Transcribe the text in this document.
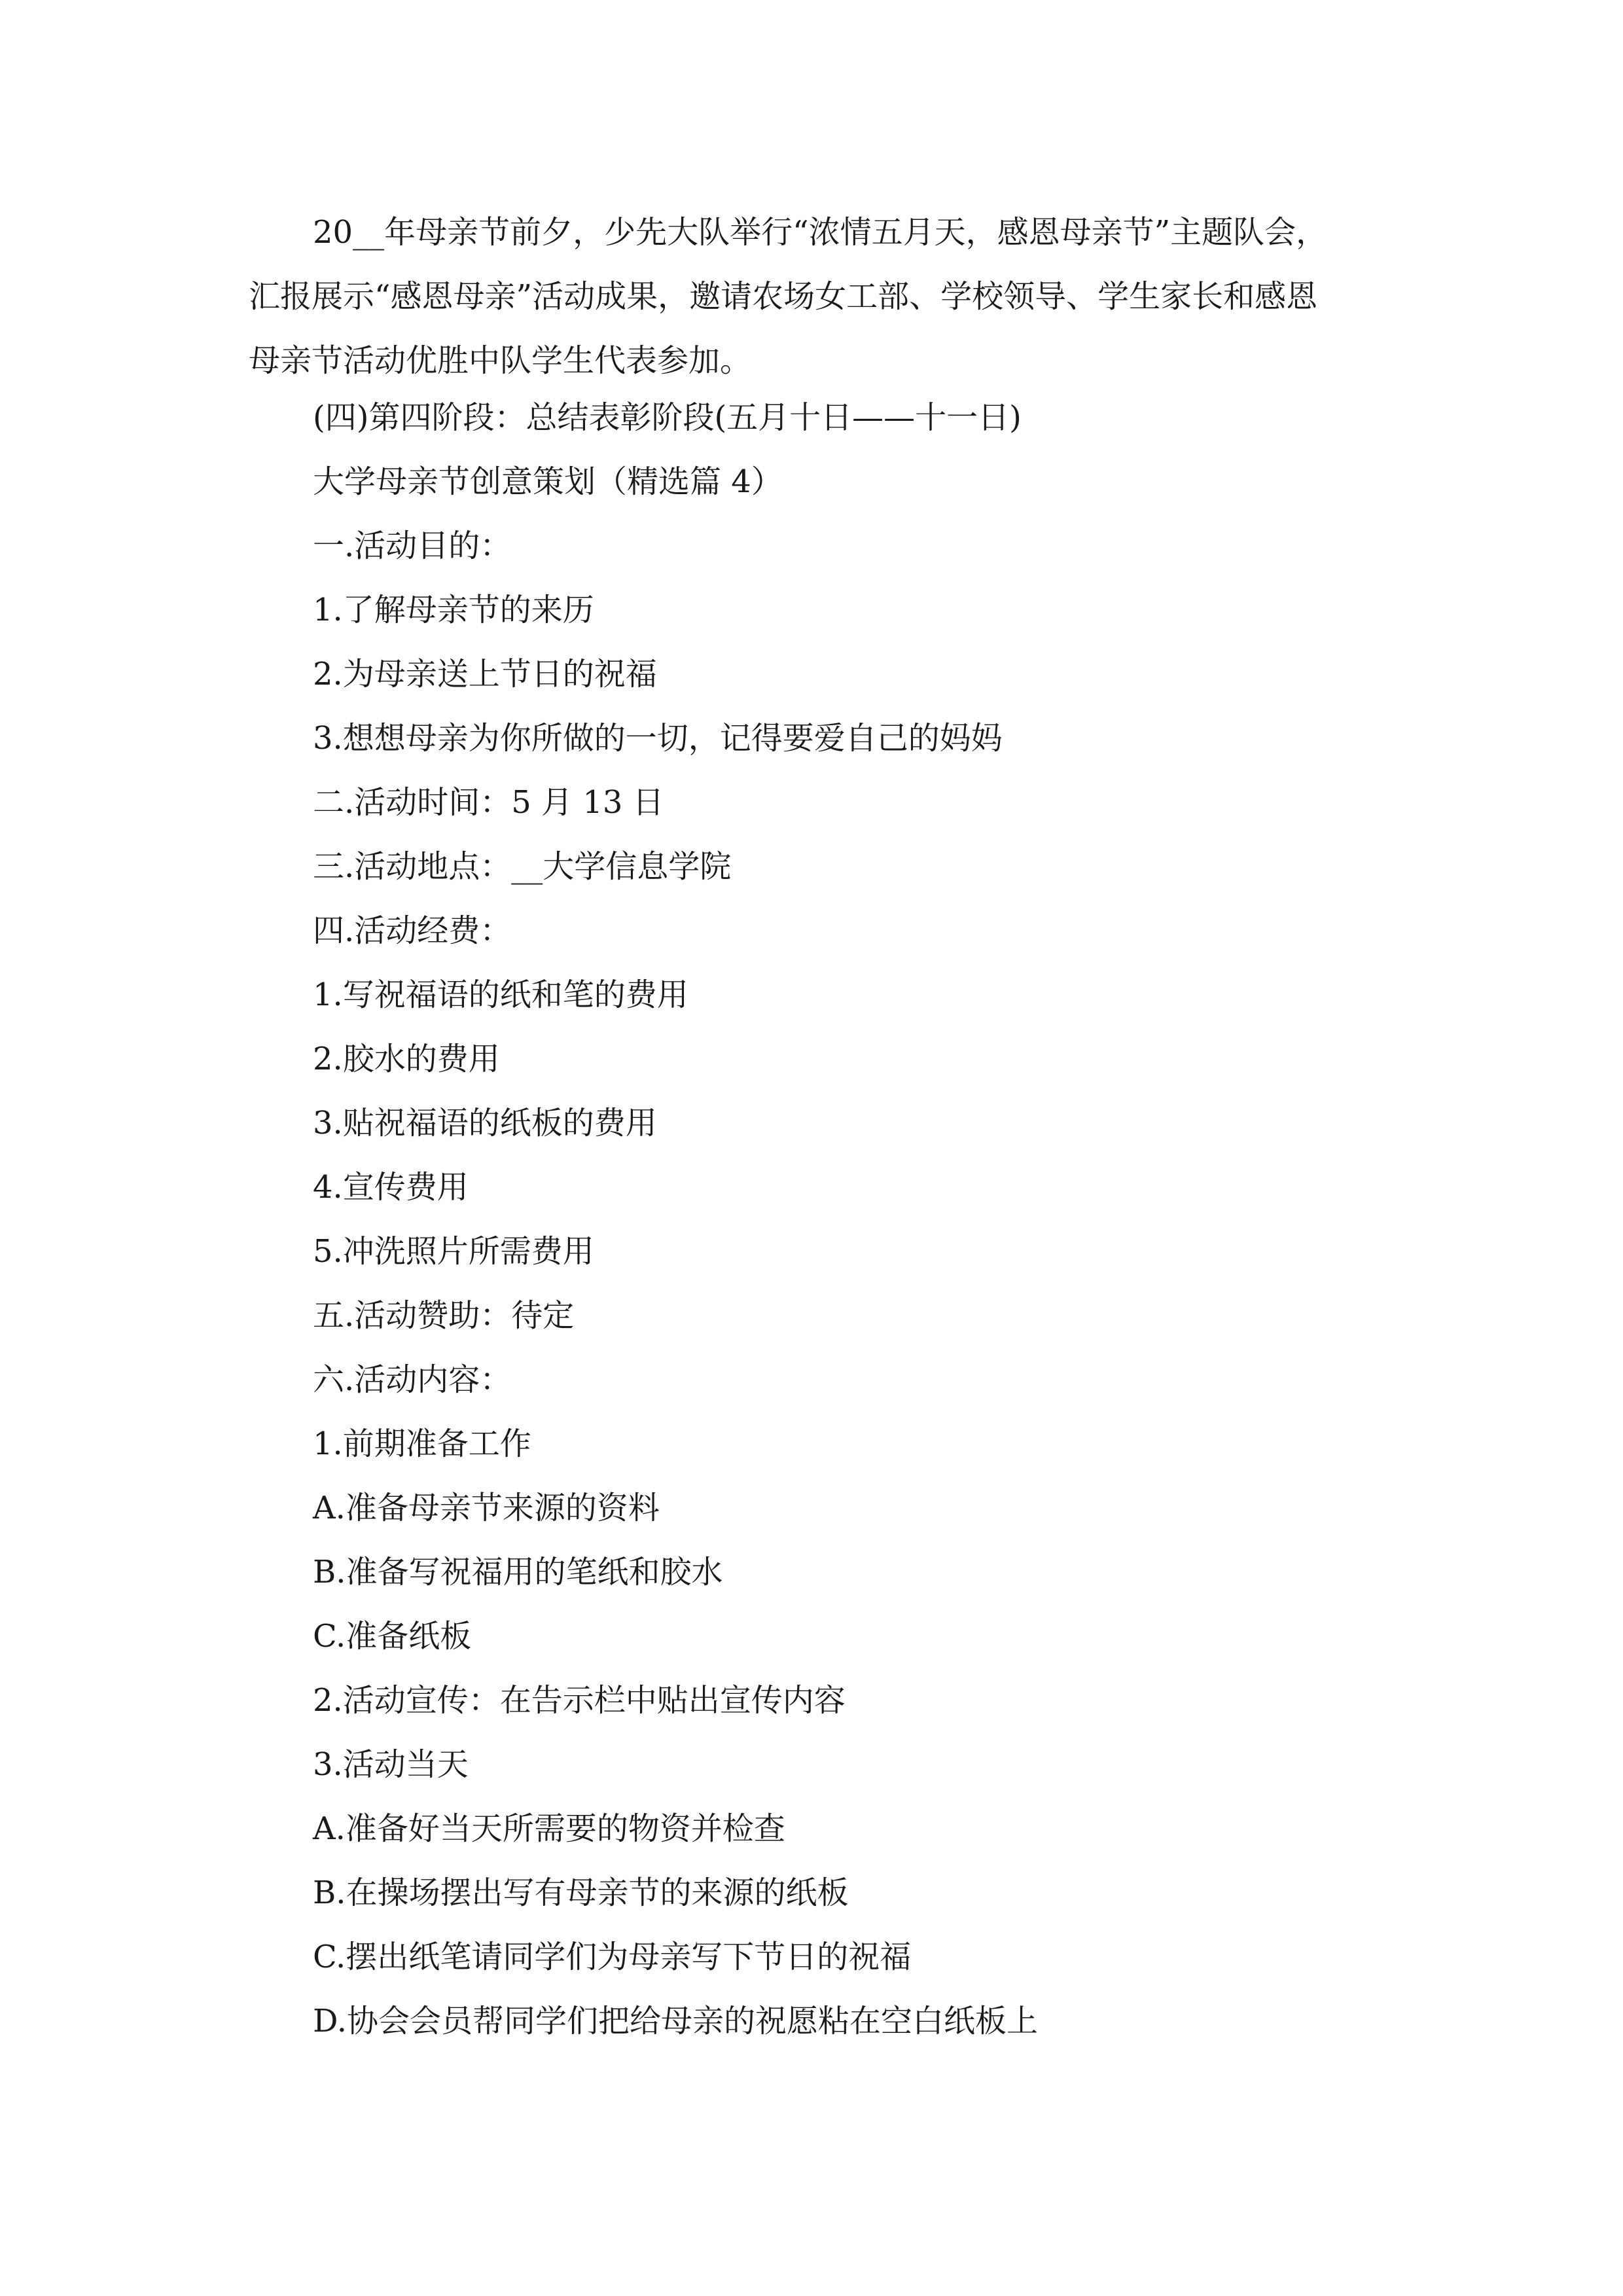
20__年母亲节前夕，少先大队举行“浓情五月天，感恩母亲节”主题队会，
汇报展示“感恩母亲”活动成果，邀请农场女工部、学校领导、学生家长和感恩
母亲节活动优胜中队学生代表参加。
(四)第四阶段：总结表彰阶段(五月十日——十一日)
大学母亲节创意策划（精选篇 4）
一.活动目的：
1.了解母亲节的来历
2.为母亲送上节日的祝福
3.想想母亲为你所做的一切，记得要爱自己的妈妈
二.活动时间：5 月 13 日
三.活动地点：__大学信息学院
四.活动经费：
1.写祝福语的纸和笔的费用
2.胶水的费用
3.贴祝福语的纸板的费用
4.宣传费用
5.冲洗照片所需费用
五.活动赞助：待定
六.活动内容：
1.前期准备工作
A.准备母亲节来源的资料
B.准备写祝福用的笔纸和胶水
C.准备纸板
2.活动宣传：在告示栏中贴出宣传内容
3.活动当天
A.准备好当天所需要的物资并检查
B.在操场摆出写有母亲节的来源的纸板
C.摆出纸笔请同学们为母亲写下节日的祝福
D.协会会员帮同学们把给母亲的祝愿粘在空白纸板上
